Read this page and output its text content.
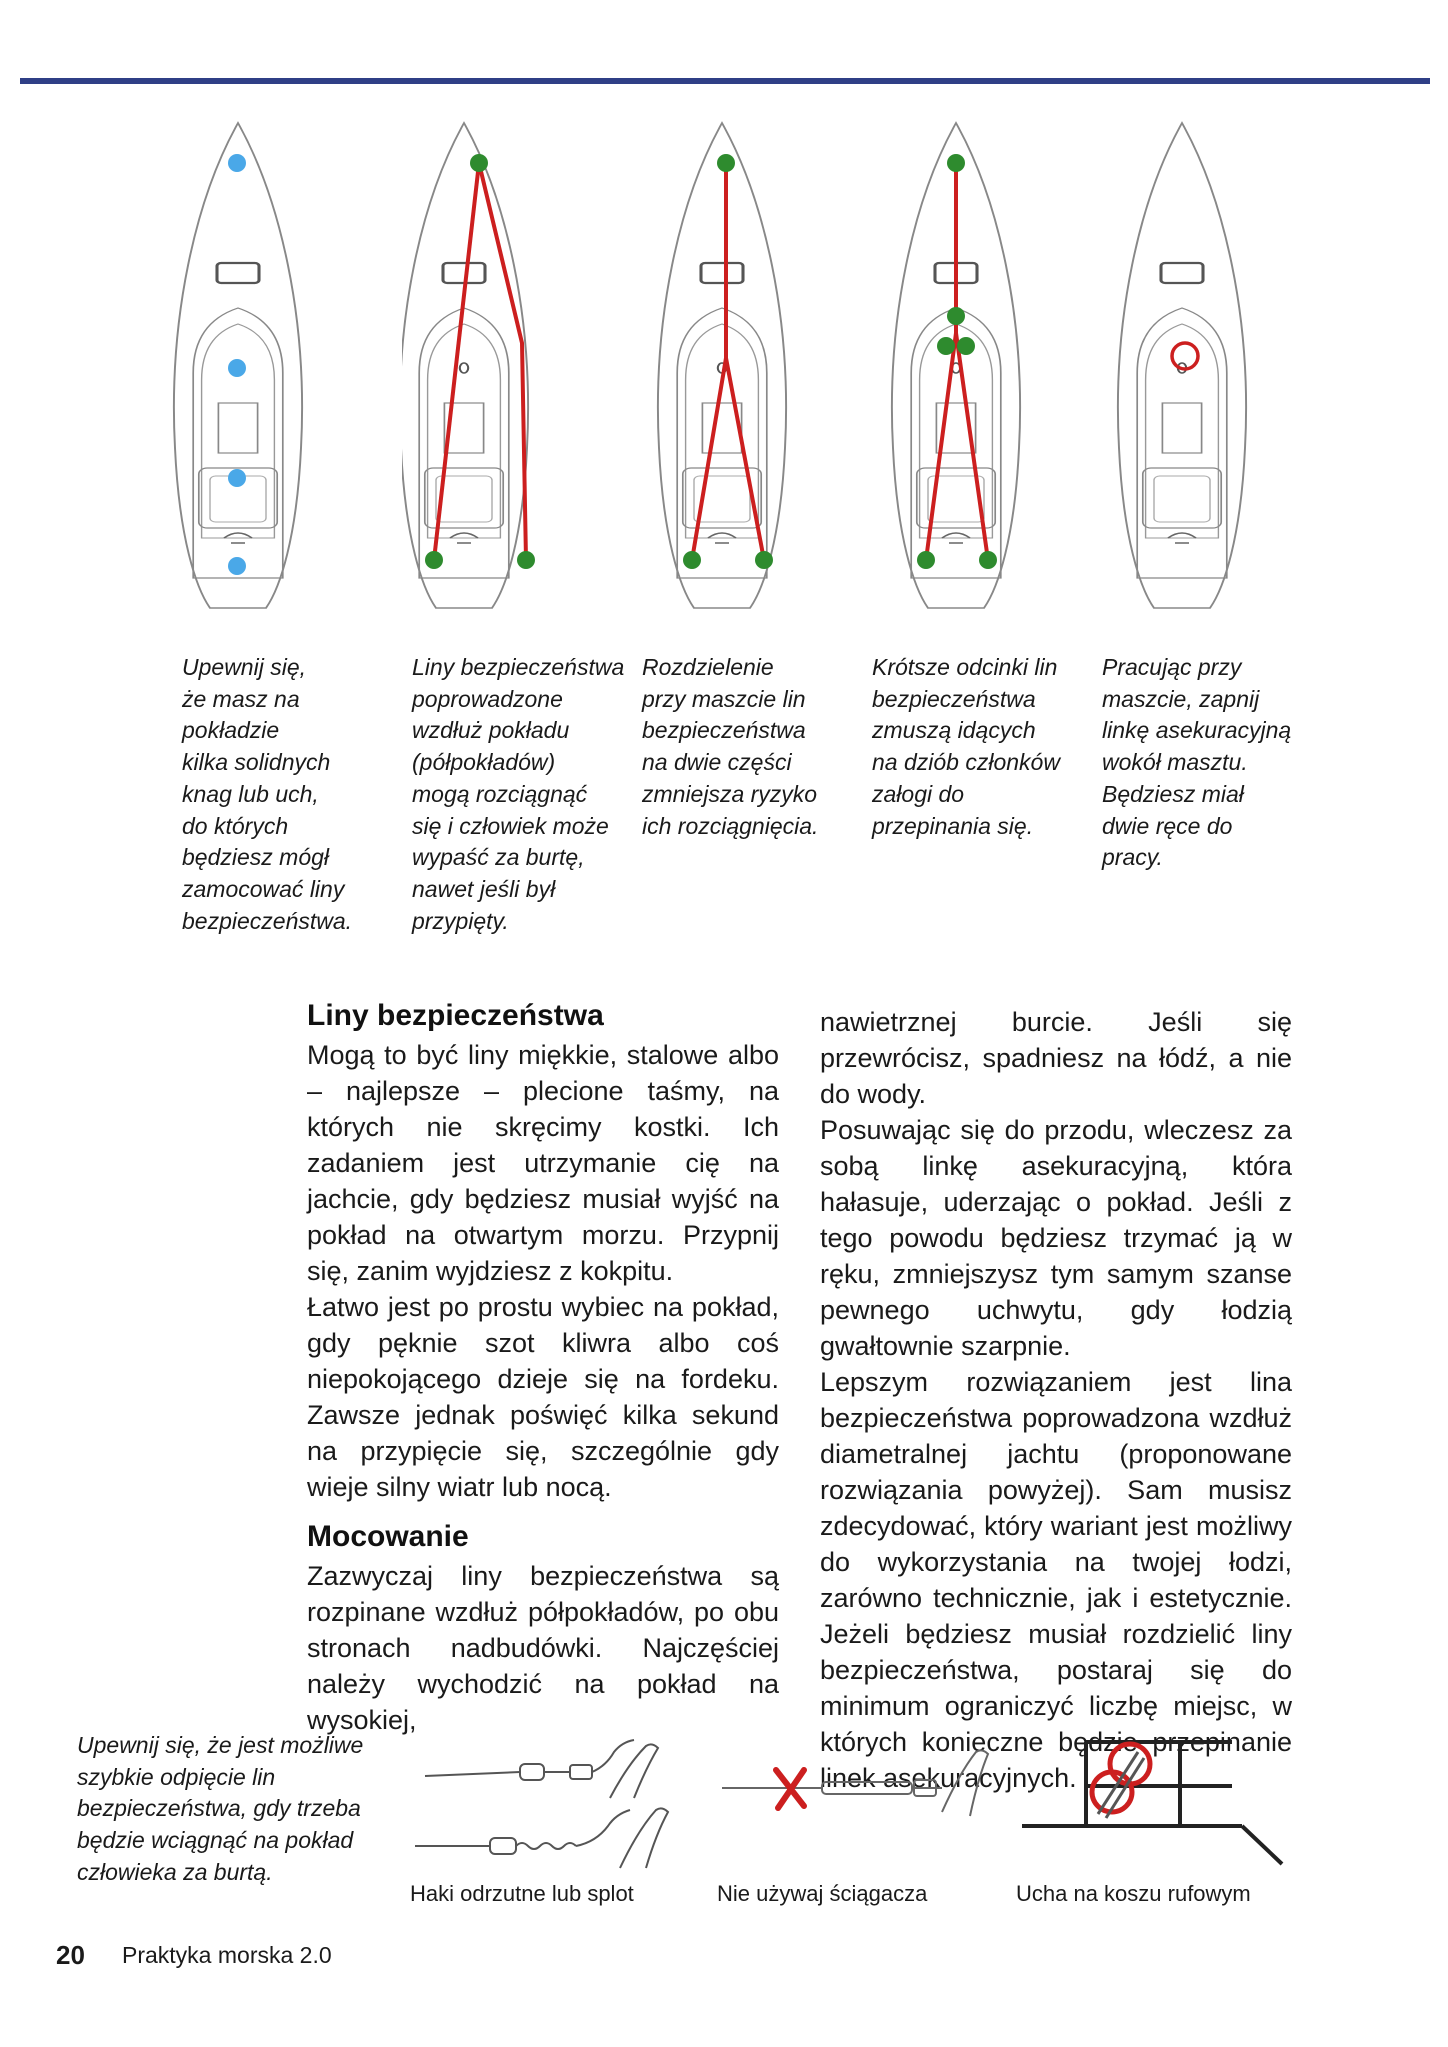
Upewnij się,
że masz na
pokładzie
kilka solidnych
knag lub uch,
do których
będziesz mógł
zamocować liny
bezpieczeństwa.
Liny bezpieczeństwa
poprowadzone
wzdłuż pokładu
(półpokładów)
mogą rozciągnąć
się i człowiek może
wypaść za burtę,
nawet jeśli był
przypięty.
Rozdzielenie
przy maszcie lin
bezpieczeństwa
na dwie części
zmniejsza ryzyko
ich rozciągnięcia.
Krótsze odcinki lin
bezpieczeństwa
zmuszą idących
na dziób członków
załogi do
przepinania się.
Pracując przy
maszcie, zapnij
linkę asekuracyjną
wokół masztu.
Będziesz miał
dwie ręce do
pracy.
Liny bezpieczeństwa

Mogą to być liny miękkie, stalowe albo – najlepsze – plecione taśmy, na których nie skręcimy kostki. Ich zadaniem jest utrzymanie cię na jachcie, gdy będziesz musiał wyjść na pokład na otwartym morzu. Przypnij się, zanim wyjdziesz z kokpitu.

Łatwo jest po prostu wybiec na pokład, gdy pęknie szot kliwra albo coś niepokojącego dzieje się na fordeku. Zawsze jednak poświęć kilka sekund na przypięcie się, szczególnie gdy wieje silny wiatr lub nocą.

Mocowanie

Zazwyczaj liny bezpieczeństwa są rozpinane wzdłuż półpokładów, po obu stronach nadbudówki. Najczęściej należy wychodzić na pokład na wysokiej,

nawietrznej burcie. Jeśli się przewrócisz, spadniesz na łódź, a nie do wody.

Posuwając się do przodu, wleczesz za sobą linkę asekuracyjną, która hałasuje, uderzając o pokład. Jeśli z tego powodu będziesz trzymać ją w ręku, zmniejszysz tym samym szanse pewnego uchwytu, gdy łodzią gwałtownie szarpnie.

Lepszym rozwiązaniem jest lina bezpieczeństwa poprowadzona wzdłuż diametralnej jachtu (proponowane rozwiązania powyżej). Sam musisz zdecydować, który wariant jest możliwy do wykorzystania na twojej łodzi, zarówno technicznie, jak i estetycznie. Jeżeli będziesz musiał rozdzielić liny bezpieczeństwa, postaraj się do minimum ograniczyć liczbę miejsc, w których konieczne będzie przepinanie linek asekuracyjnych.

Upewnij się, że jest możliwe
szybkie odpięcie lin
bezpieczeństwa, gdy trzeba
będzie wciągnąć na pokład
człowieka za burtą.
Haki odrzutne lub splot	Nie używaj ściągacza	Ucha na koszu rufowym
20 Praktyka morska 2.0
